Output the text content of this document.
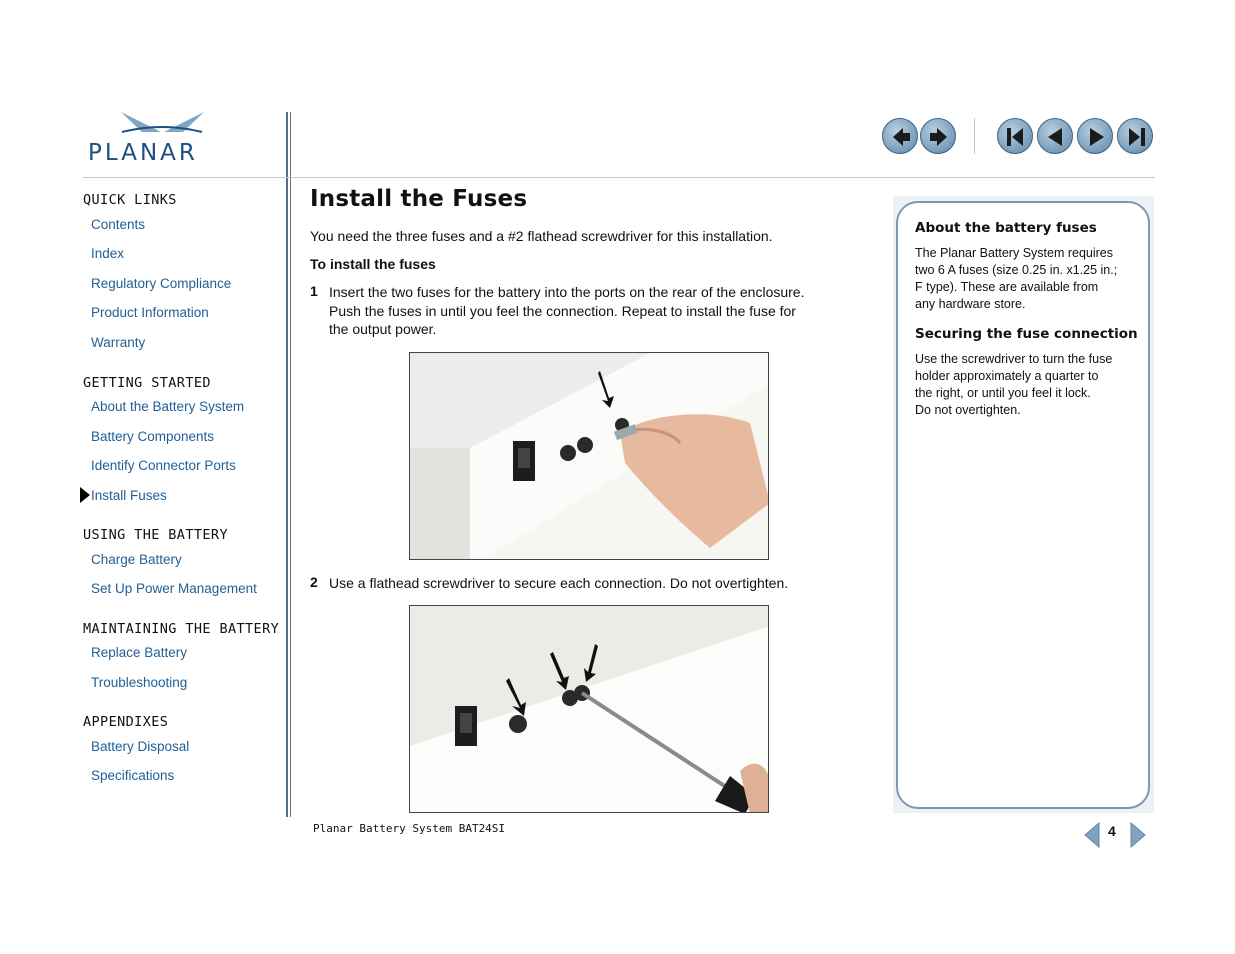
PLANAR
QUICK LINKS
Contents
Index
Regulatory Compliance
Product Information
Warranty
GETTING STARTED
About the Battery System
Battery Components
Identify Connector Ports
Install Fuses
USING THE BATTERY
Charge Battery
Set Up Power Management
MAINTAINING THE BATTERY
Replace Battery
Troubleshooting
APPENDIXES
Battery Disposal
Specifications
Install the Fuses
You need the three fuses and a #2 flathead screwdriver for this installation.
To install the fuses
1 Insert the two fuses for the battery into the ports on the rear of the enclosure.
Push the fuses in until you feel the connection. Repeat to install the fuse for
the output power.
2 Use a flathead screwdriver to secure each connection. Do not overtighten.
About the battery fuses
The Planar Battery System requires
two 6 A fuses (size 0.25 in. x1.25 in.;
F type). These are available from
any hardware store.
Securing the fuse connection
Use the screwdriver to turn the fuse
holder approximately a quarter to
the right, or until you feel it lock.
Do not overtighten.
Planar Battery System BAT24SI	4
